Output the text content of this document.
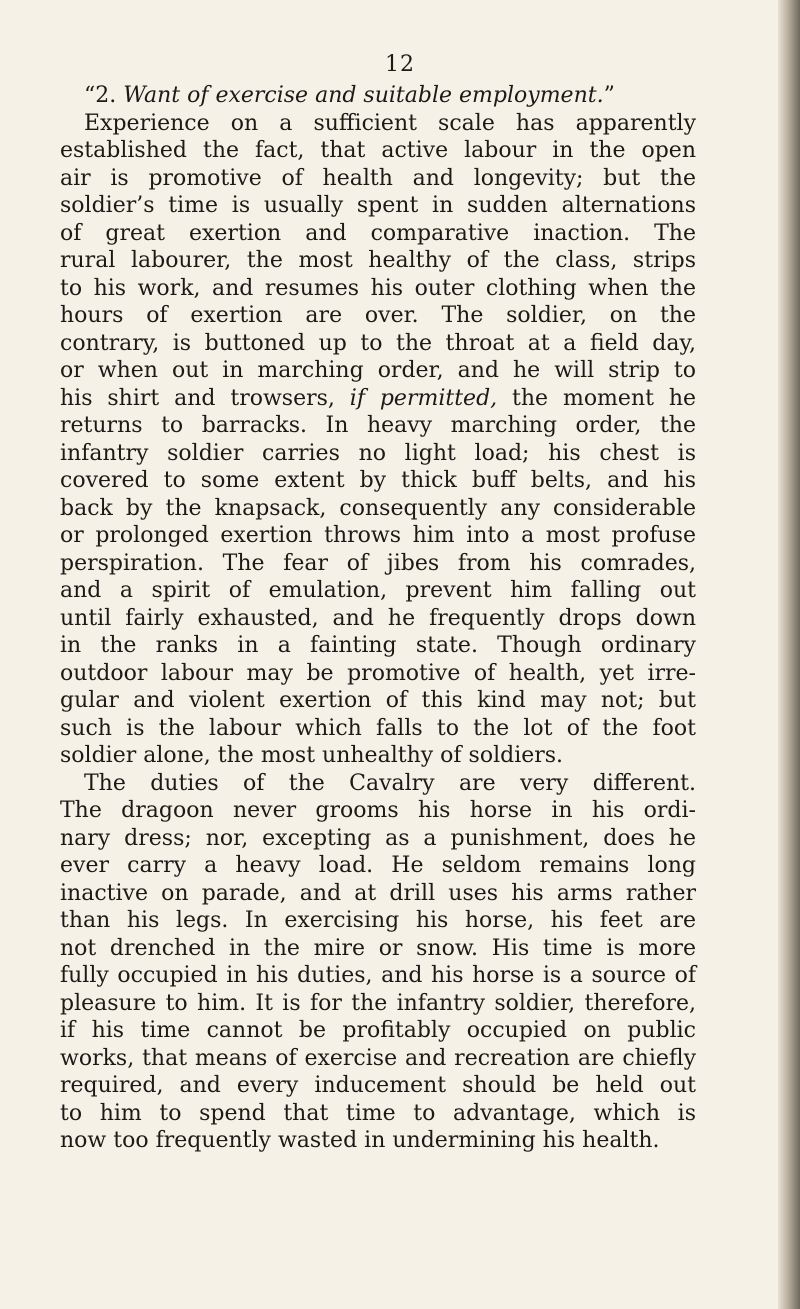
12
“2. Want of exercise and suitable employment.”
Experience on a sufficient scale has apparently
established the fact, that active labour in the open
air is promotive of health and longevity; but the
soldier’s time is usually spent in sudden alternations
of great exertion and comparative inaction. The
rural labourer, the most healthy of the class, strips
to his work, and resumes his outer clothing when the
hours of exertion are over. The soldier, on the
contrary, is buttoned up to the throat at a field day,
or when out in marching order, and he will strip to
his shirt and trowsers, if permitted, the moment he
returns to barracks. In heavy marching order, the
infantry soldier carries no light load; his chest is
covered to some extent by thick buff belts, and his
back by the knapsack, consequently any considerable
or prolonged exertion throws him into a most profuse
perspiration. The fear of jibes from his comrades,
and a spirit of emulation, prevent him falling out
until fairly exhausted, and he frequently drops down
in the ranks in a fainting state. Though ordinary
outdoor labour may be promotive of health, yet irre-
gular and violent exertion of this kind may not; but
such is the labour which falls to the lot of the foot
soldier alone, the most unhealthy of soldiers.
The duties of the Cavalry are very different.
The dragoon never grooms his horse in his ordi-
nary dress; nor, excepting as a punishment, does he
ever carry a heavy load. He seldom remains long
inactive on parade, and at drill uses his arms rather
than his legs. In exercising his horse, his feet are
not drenched in the mire or snow. His time is more
fully occupied in his duties, and his horse is a source of
pleasure to him. It is for the infantry soldier, therefore,
if his time cannot be profitably occupied on public
works, that means of exercise and recreation are chiefly
required, and every inducement should be held out
to him to spend that time to advantage, which is
now too frequently wasted in undermining his health.
